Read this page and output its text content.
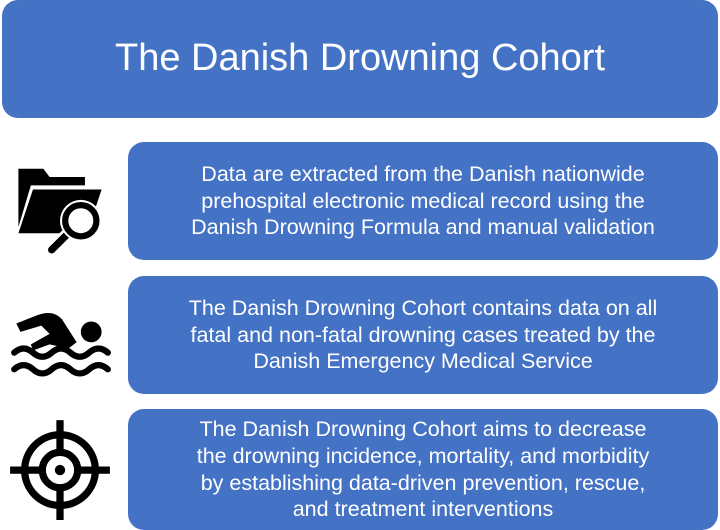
The Danish Drowning Cohort
Data are extracted from the Danish nationwide
prehospital electronic medical record using the
Danish Drowning Formula and manual validation
The Danish Drowning Cohort contains data on all
fatal and non-fatal drowning cases treated by the
Danish Emergency Medical Service
The Danish Drowning Cohort aims to decrease
the drowning incidence, mortality, and morbidity
by establishing data-driven prevention, rescue,
and treatment interventions
